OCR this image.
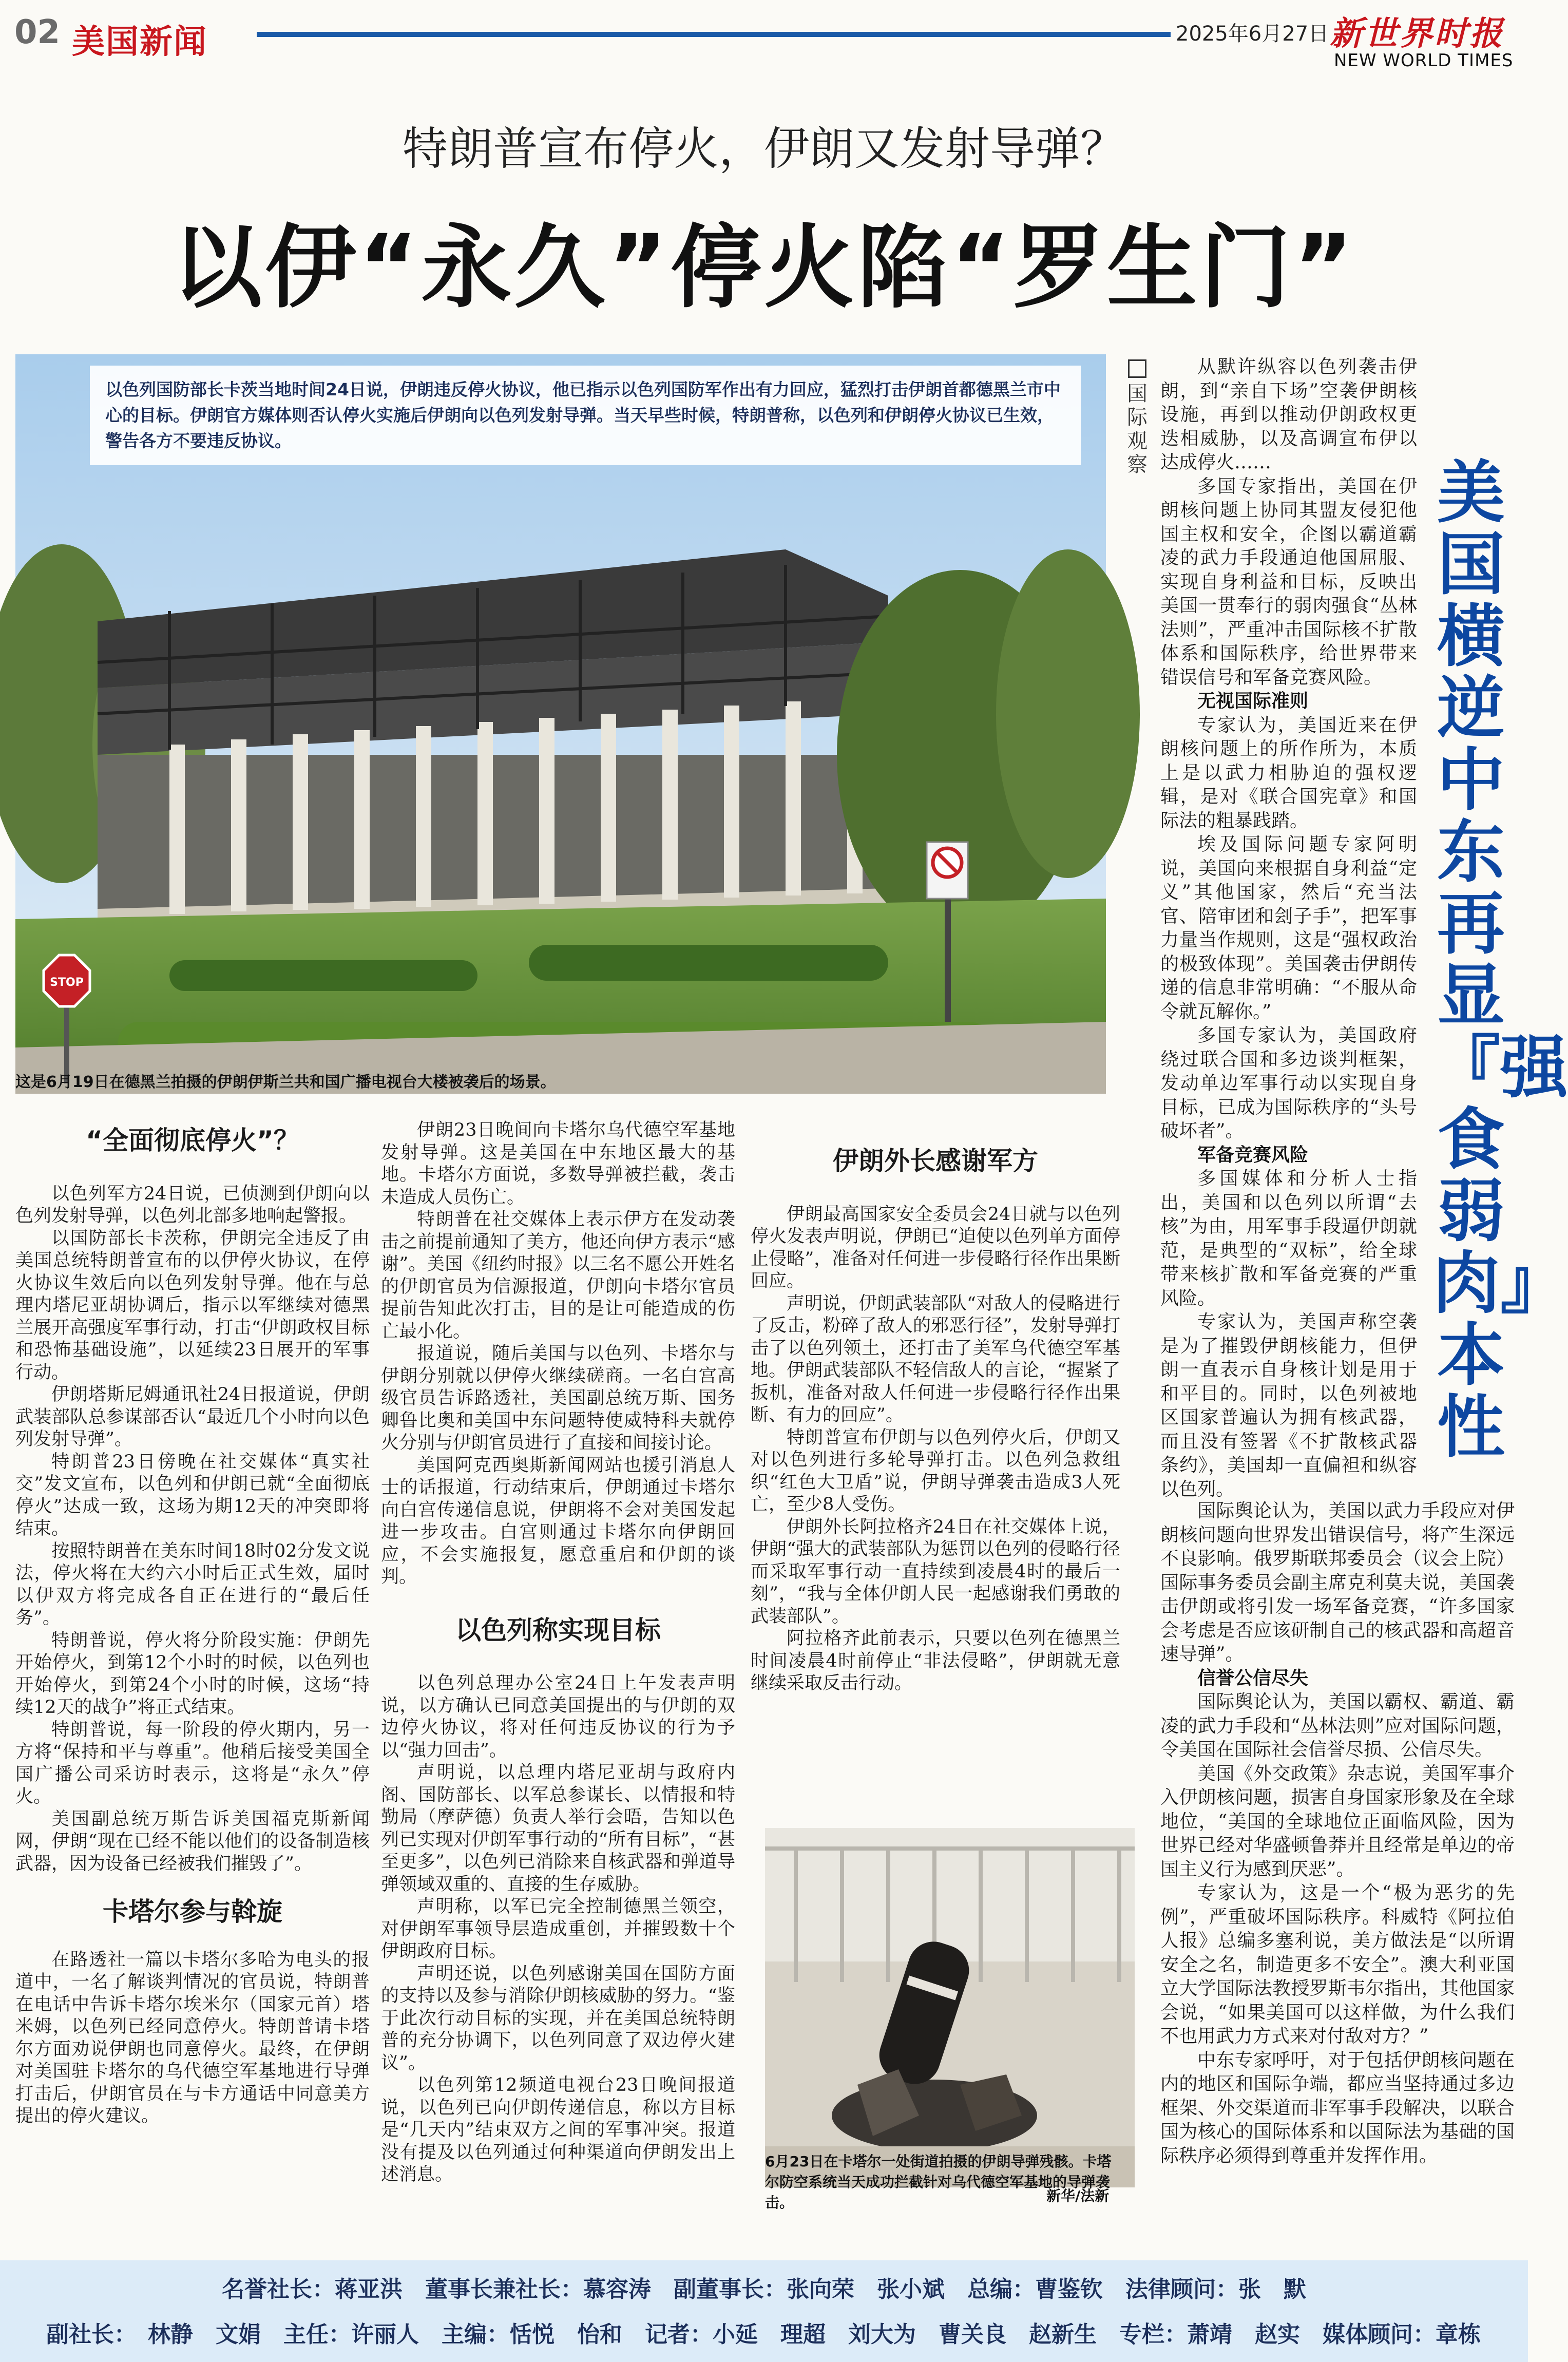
02 美国新闻	2025年6月27日 新世界时报
NEW WORLD TIMES
特朗普宣布停火，伊朗又发射导弹？
以伊“永久”停火陷“罗生门”
STOP
以色列国防部长卡茨当地时间24日说，伊朗违反停火协议，他已指示以色列国防军作出有力回应，猛烈打击伊朗首都德黑兰市中心的目标。伊朗官方媒体则否认停火实施后伊朗向以色列发射导弹。当天早些时候，特朗普称，以色列和伊朗停火协议已生效，警告各方不要违反协议。
这是6月19日在德黑兰拍摄的伊朗伊斯兰共和国广播电视台大楼被袭后的场景。
国际观察	美国横逆中东再显『强食弱肉』本性

从默许纵容以色列袭击伊朗，到“亲自下场”空袭伊朗核设施，再到以推动伊朗政权更迭相威胁，以及高调宣布伊以达成停火……

多国专家指出，美国在伊朗核问题上协同其盟友侵犯他国主权和安全，企图以霸道霸凌的武力手段通迫他国屈服、实现自身利益和目标，反映出美国一贯奉行的弱肉强食“丛林法则”，严重冲击国际核不扩散体系和国际秩序，给世界带来错误信号和军备竞赛风险。

无视国际准则

专家认为，美国近来在伊朗核问题上的所作所为，本质上是以武力相胁迫的强权逻辑，是对《联合国宪章》和国际法的粗暴践踏。

埃及国际问题专家阿明说，美国向来根据自身利益“定义”其他国家，然后“充当法官、陪审团和刽子手”，把军事力量当作规则，这是“强权政治的极致体现”。美国袭击伊朗传递的信息非常明确：“不服从命令就瓦解你。”

多国专家认为，美国政府绕过联合国和多边谈判框架，发动单边军事行动以实现自身目标，已成为国际秩序的“头号破坏者”。

军备竞赛风险

多国媒体和分析人士指出，美国和以色列以所谓“去核”为由，用军事手段逼伊朗就范，是典型的“双标”，给全球带来核扩散和军备竞赛的严重风险。

专家认为，美国声称空袭是为了摧毁伊朗核能力，但伊朗一直表示自身核计划是用于和平目的。同时，以色列被地区国家普遍认为拥有核武器，而且没有签署《不扩散核武器条约》，美国却一直偏袒和纵容以色列。

国际舆论认为，美国以武力手段应对伊朗核问题向世界发出错误信号，将产生深远不良影响。俄罗斯联邦委员会（议会上院）国际事务委员会副主席克利莫夫说，美国袭击伊朗或将引发一场军备竞赛，“许多国家会考虑是否应该研制自己的核武器和高超音速导弹”。

信誉公信尽失

国际舆论认为，美国以霸权、霸道、霸凌的武力手段和“丛林法则”应对国际问题，令美国在国际社会信誉尽损、公信尽失。

美国《外交政策》杂志说，美国军事介入伊朗核问题，损害自身国家形象及在全球地位，“美国的全球地位正面临风险，因为世界已经对华盛顿鲁莽并且经常是单边的帝国主义行为感到厌恶”。

专家认为，这是一个“极为恶劣的先例”，严重破坏国际秩序。科威特《阿拉伯人报》总编多塞利说，美方做法是“以所谓安全之名，制造更多不安全”。澳大利亚国立大学国际法教授罗斯韦尔指出，其他国家会说，“如果美国可以这样做，为什么我们不也用武力方式来对付敌对方？”

中东专家呼吁，对于包括伊朗核问题在内的地区和国际争端，都应当坚持通过多边框架、外交渠道而非军事手段解决，以联合国为核心的国际体系和以国际法为基础的国际秩序必须得到尊重并发挥作用。

“全面彻底停火”？

以色列军方24日说，已侦测到伊朗向以色列发射导弹，以色列北部多地响起警报。

以国防部长卡茨称，伊朗完全违反了由美国总统特朗普宣布的以伊停火协议，在停火协议生效后向以色列发射导弹。他在与总理内塔尼亚胡协调后，指示以军继续对德黑兰展开高强度军事行动，打击“伊朗政权目标和恐怖基础设施”，以延续23日展开的军事行动。

伊朗塔斯尼姆通讯社24日报道说，伊朗武装部队总参谋部否认“最近几个小时向以色列发射导弹”。

特朗普23日傍晚在社交媒体“真实社交”发文宣布，以色列和伊朗已就“全面彻底停火”达成一致，这场为期12天的冲突即将结束。

按照特朗普在美东时间18时02分发文说法，停火将在大约六小时后正式生效，届时以伊双方将完成各自正在进行的“最后任务”。

特朗普说，停火将分阶段实施：伊朗先开始停火，到第12个小时的时候，以色列也开始停火，到第24个小时的时候，这场“持续12天的战争”将正式结束。

特朗普说，每一阶段的停火期内，另一方将“保持和平与尊重”。他稍后接受美国全国广播公司采访时表示，这将是“永久”停火。

美国副总统万斯告诉美国福克斯新闻网，伊朗“现在已经不能以他们的设备制造核武器，因为设备已经被我们摧毁了”。

卡塔尔参与斡旋

在路透社一篇以卡塔尔多哈为电头的报道中，一名了解谈判情况的官员说，特朗普在电话中告诉卡塔尔埃米尔（国家元首）塔米姆，以色列已经同意停火。特朗普请卡塔尔方面劝说伊朗也同意停火。最终，在伊朗对美国驻卡塔尔的乌代德空军基地进行导弹打击后，伊朗官员在与卡方通话中同意美方提出的停火建议。

伊朗23日晚间向卡塔尔乌代德空军基地发射导弹。这是美国在中东地区最大的基地。卡塔尔方面说，多数导弹被拦截，袭击未造成人员伤亡。

特朗普在社交媒体上表示伊方在发动袭击之前提前通知了美方，他还向伊方表示“感谢”。美国《纽约时报》以三名不愿公开姓名的伊朗官员为信源报道，伊朗向卡塔尔官员提前告知此次打击，目的是让可能造成的伤亡最小化。

报道说，随后美国与以色列、卡塔尔与伊朗分别就以伊停火继续磋商。一名白宫高级官员告诉路透社，美国副总统万斯、国务卿鲁比奥和美国中东问题特使威特科夫就停火分别与伊朗官员进行了直接和间接讨论。

美国阿克西奥斯新闻网站也援引消息人士的话报道，行动结束后，伊朗通过卡塔尔向白宫传递信息说，伊朗将不会对美国发起进一步攻击。白宫则通过卡塔尔向伊朗回应，不会实施报复，愿意重启和伊朗的谈判。

以色列称实现目标

以色列总理办公室24日上午发表声明说，以方确认已同意美国提出的与伊朗的双边停火协议，将对任何违反协议的行为予以“强力回击”。

声明说，以总理内塔尼亚胡与政府内阁、国防部长、以军总参谋长、以情报和特勤局（摩萨德）负责人举行会晤，告知以色列已实现对伊朗军事行动的“所有目标”，“甚至更多”，以色列已消除来自核武器和弹道导弹领域双重的、直接的生存威胁。

声明称，以军已完全控制德黑兰领空，对伊朗军事领导层造成重创，并摧毁数十个伊朗政府目标。

声明还说，以色列感谢美国在国防方面的支持以及参与消除伊朗核威胁的努力。“鉴于此次行动目标的实现，并在美国总统特朗普的充分协调下，以色列同意了双边停火建议”。

以色列第12频道电视台23日晚间报道说，以色列已向伊朗传递信息，称以方目标是“几天内”结束双方之间的军事冲突。报道没有提及以色列通过何种渠道向伊朗发出上述消息。

伊朗外长感谢军方

伊朗最高国家安全委员会24日就与以色列停火发表声明说，伊朗已“迫使以色列单方面停止侵略”，准备对任何进一步侵略行径作出果断回应。

声明说，伊朗武装部队“对敌人的侵略进行了反击，粉碎了敌人的邪恶行径”，发射导弹打击了以色列领土，还打击了美军乌代德空军基地。伊朗武装部队不轻信敌人的言论，“握紧了扳机，准备对敌人任何进一步侵略行径作出果断、有力的回应”。

特朗普宣布伊朗与以色列停火后，伊朗又对以色列进行多轮导弹打击。以色列急救组织“红色大卫盾”说，伊朗导弹袭击造成3人死亡，至少8人受伤。

伊朗外长阿拉格齐24日在社交媒体上说，伊朗“强大的武装部队为惩罚以色列的侵略行径而采取军事行动一直持续到凌晨4时的最后一刻”，“我与全体伊朗人民一起感谢我们勇敢的武装部队”。

阿拉格齐此前表示，只要以色列在德黑兰时间凌晨4时前停止“非法侵略”，伊朗就无意继续采取反击行动。

6月23日在卡塔尔一处街道拍摄的伊朗导弹残骸。卡塔尔防空系统当天成功拦截针对乌代德空军基地的导弹袭击。	新华/法新
名誉社长：蒋亚洪　董事长兼社长：慕容涛　副董事长：张向荣　张小斌　总编：曹鉴钦　法律顾问：张　默
副社长：　林静　文娟　主任：许丽人　主编：恬悦　怡和　记者：小延　理超　刘大为　曹关良　赵新生　专栏：萧靖　赵实　媒体顾问：章栋
